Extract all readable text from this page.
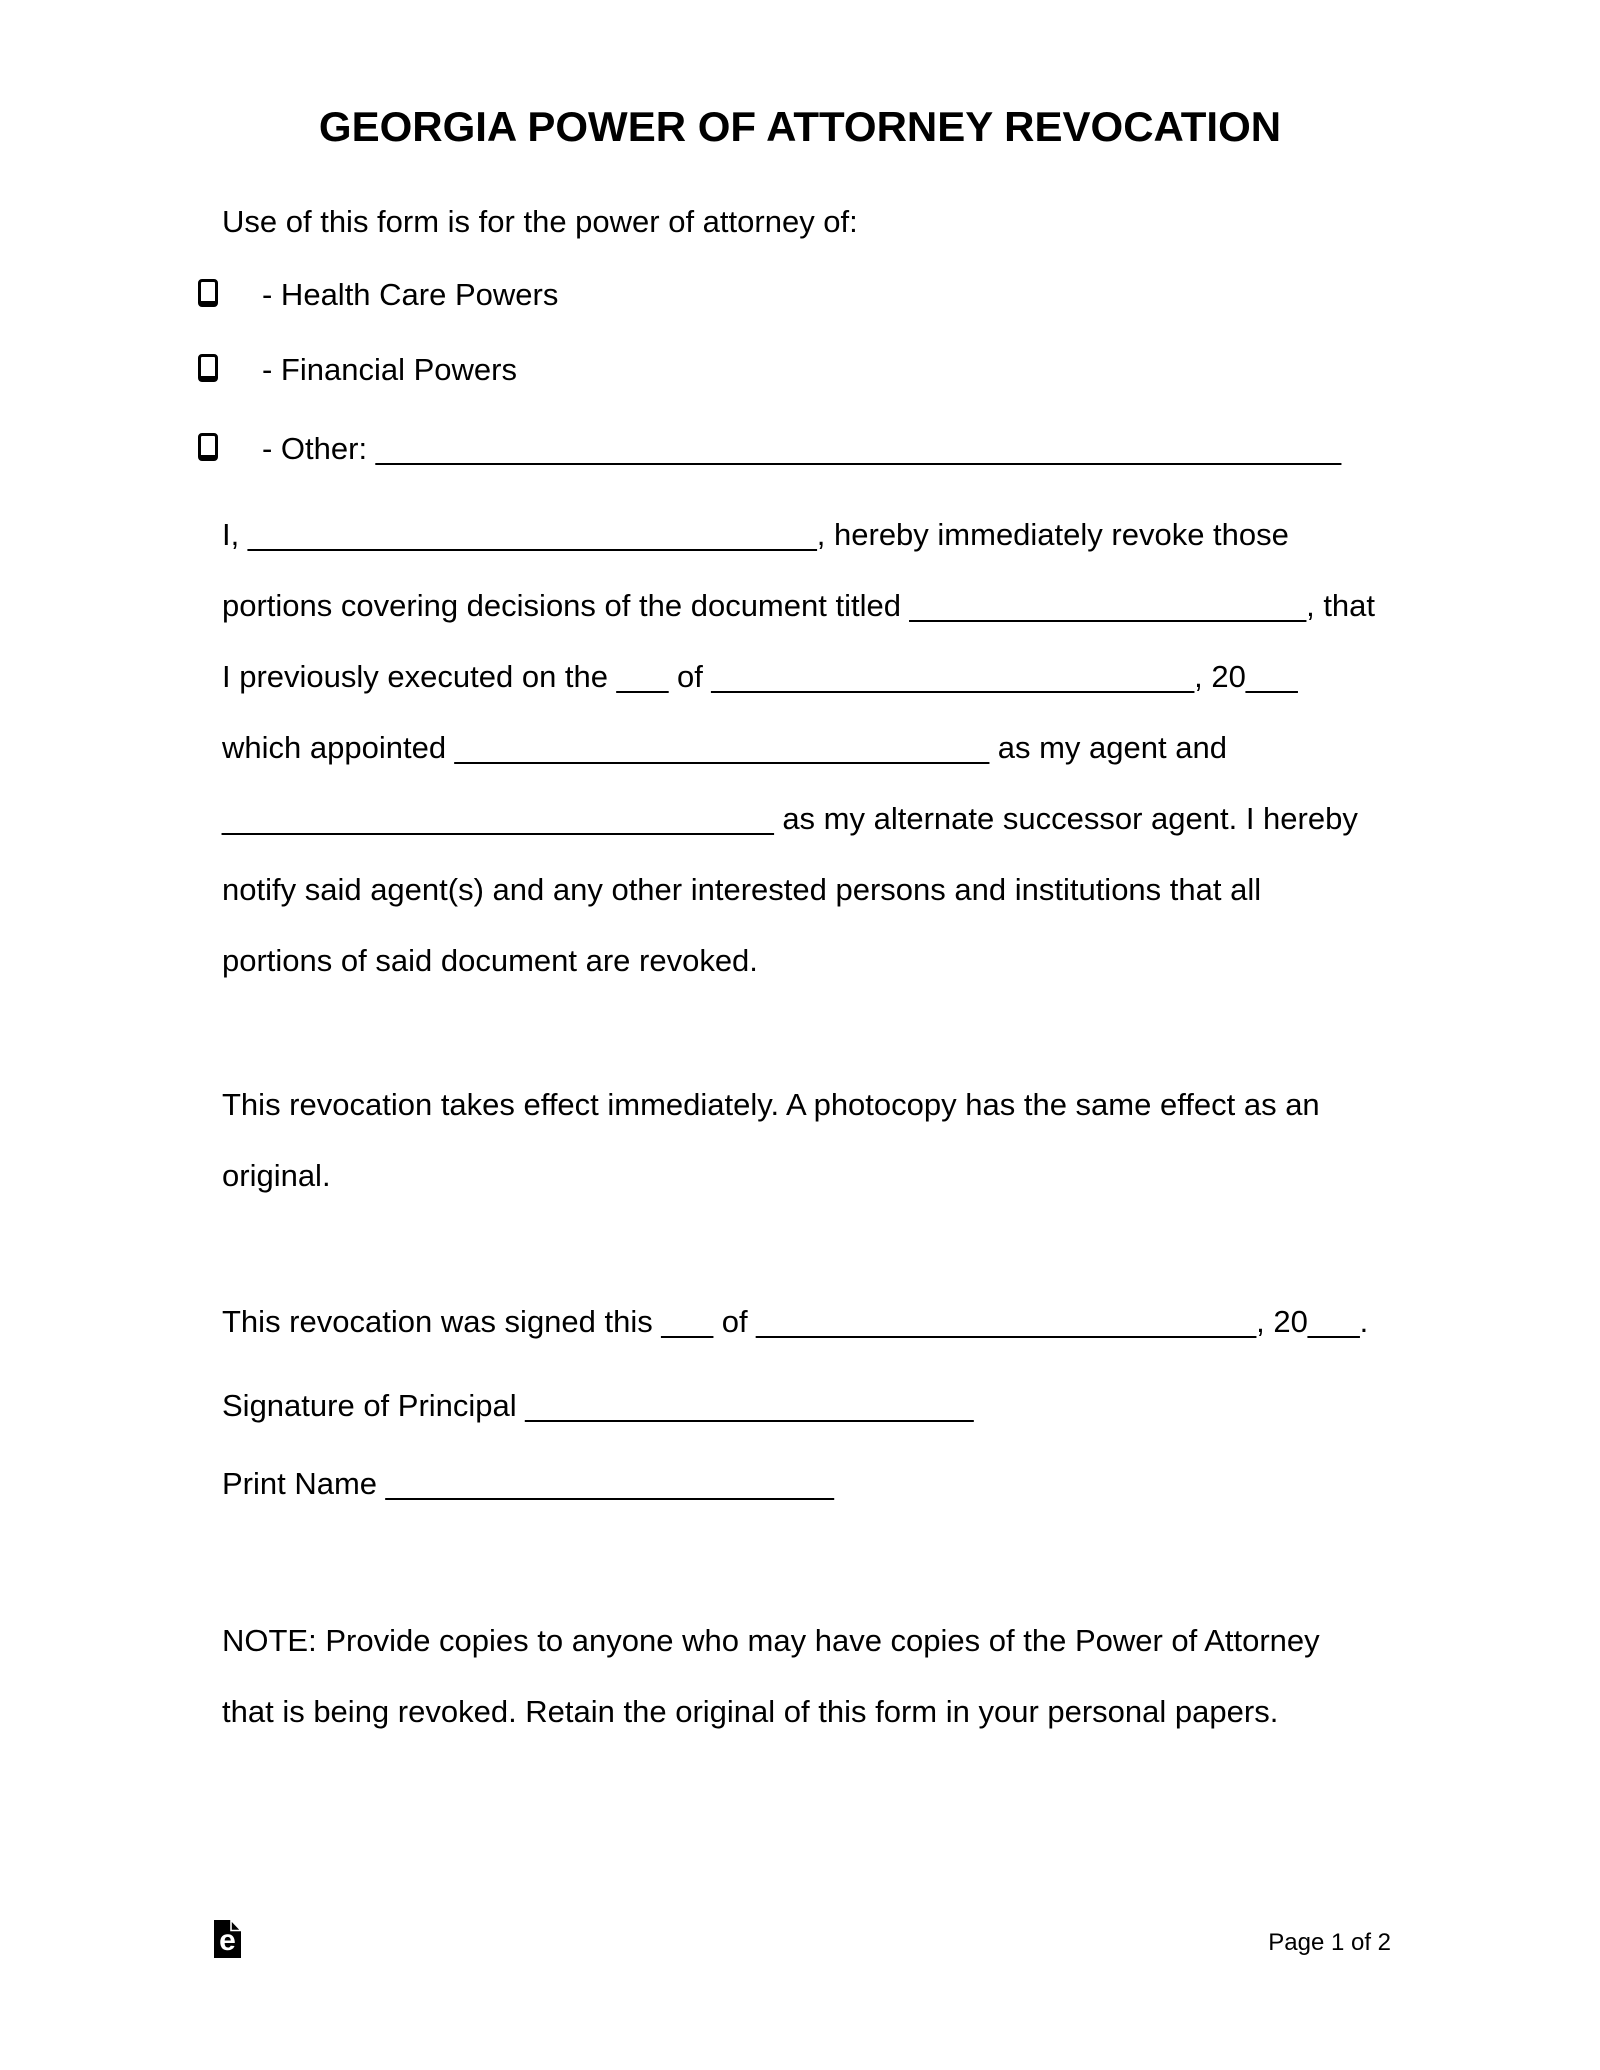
GEORGIA POWER OF ATTORNEY REVOCATION
Use of this form is for the power of attorney of:
- Health Care Powers
- Financial Powers
- Other: ________________________________________________________
I, _________________________________, hereby immediately revoke those
portions covering decisions of the document titled _______________________, that
I previously executed on the ___ of ____________________________, 20___
which appointed _______________________________ as my agent and
________________________________ as my alternate successor agent. I hereby
notify said agent(s) and any other interested persons and institutions that all
portions of said document are revoked.
This revocation takes effect immediately. A photocopy has the same effect as an
original.
This revocation was signed this ___ of _____________________________, 20___.
Signature of Principal __________________________
Print Name __________________________
NOTE: Provide copies to anyone who may have copies of the Power of Attorney
that is being revoked. Retain the original of this form in your personal papers.
e	Page 1 of 2
